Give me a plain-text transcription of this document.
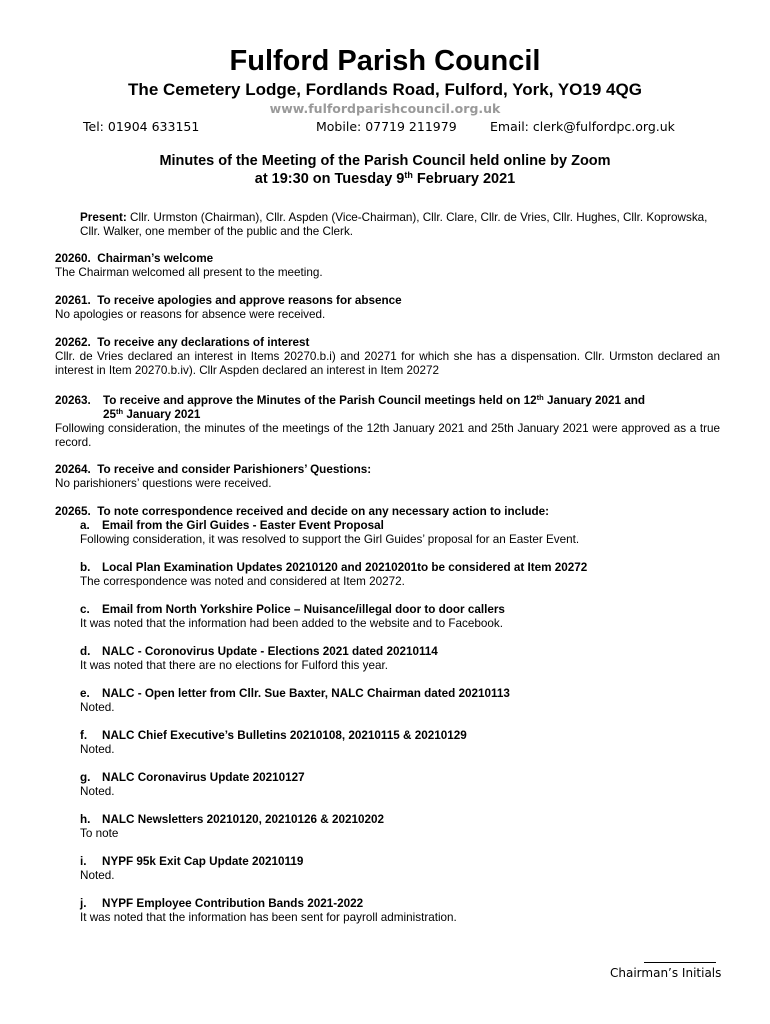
Fulford Parish Council
The Cemetery Lodge, Fordlands Road, Fulford, York, YO19 4QG
www.fulfordparishcouncil.org.uk
Tel: 01904 633151	Mobile: 07719 211979	Email: clerk@fulfordpc.org.uk
Minutes of the Meeting of the Parish Council held online by Zoom
at 19:30 on Tuesday 9th February 2021
Present: Cllr. Urmston (Chairman), Cllr. Aspden (Vice-Chairman), Cllr. Clare, Cllr. de Vries, Cllr. Hughes, Cllr. Koprowska, Cllr. Walker, one member of the public and the Clerk.
20260. Chairman’s welcome
The Chairman welcomed all present to the meeting.
20261. To receive apologies and approve reasons for absence
No apologies or reasons for absence were received.
20262. To receive any declarations of interest
Cllr. de Vries declared an interest in Items 20270.b.i) and 20271 for which she has a dispensation. Cllr. Urmston declared an interest in Item 20270.b.iv). Cllr Aspden declared an interest in Item 20272
20263. To receive and approve the Minutes of the Parish Council meetings held on 12th January 2021 and
25th January 2021
Following consideration, the minutes of the meetings of the 12th January 2021 and 25th January 2021 were approved as a true record.
20264. To receive and consider Parishioners’ Questions:
No parishioners’ questions were received.
20265. To note correspondence received and decide on any necessary action to include:
a. Email from the Girl Guides - Easter Event Proposal
Following consideration, it was resolved to support the Girl Guides’ proposal for an Easter Event.
b. Local Plan Examination Updates 20210120 and 20210201to be considered at Item 20272
The correspondence was noted and considered at Item 20272.
c. Email from North Yorkshire Police – Nuisance/illegal door to door callers
It was noted that the information had been added to the website and to Facebook.
d. NALC - Coronovirus Update - Elections 2021 dated 20210114
It was noted that there are no elections for Fulford this year.
e. NALC - Open letter from Cllr. Sue Baxter, NALC Chairman dated 20210113
Noted.
f. NALC Chief Executive’s Bulletins 20210108, 20210115 & 20210129
Noted.
g. NALC Coronavirus Update 20210127
Noted.
h. NALC Newsletters 20210120, 20210126 & 20210202
To note
i. NYPF 95k Exit Cap Update 20210119
Noted.
j. NYPF Employee Contribution Bands 2021-2022
It was noted that the information has been sent for payroll administration.
Chairman’s Initials
